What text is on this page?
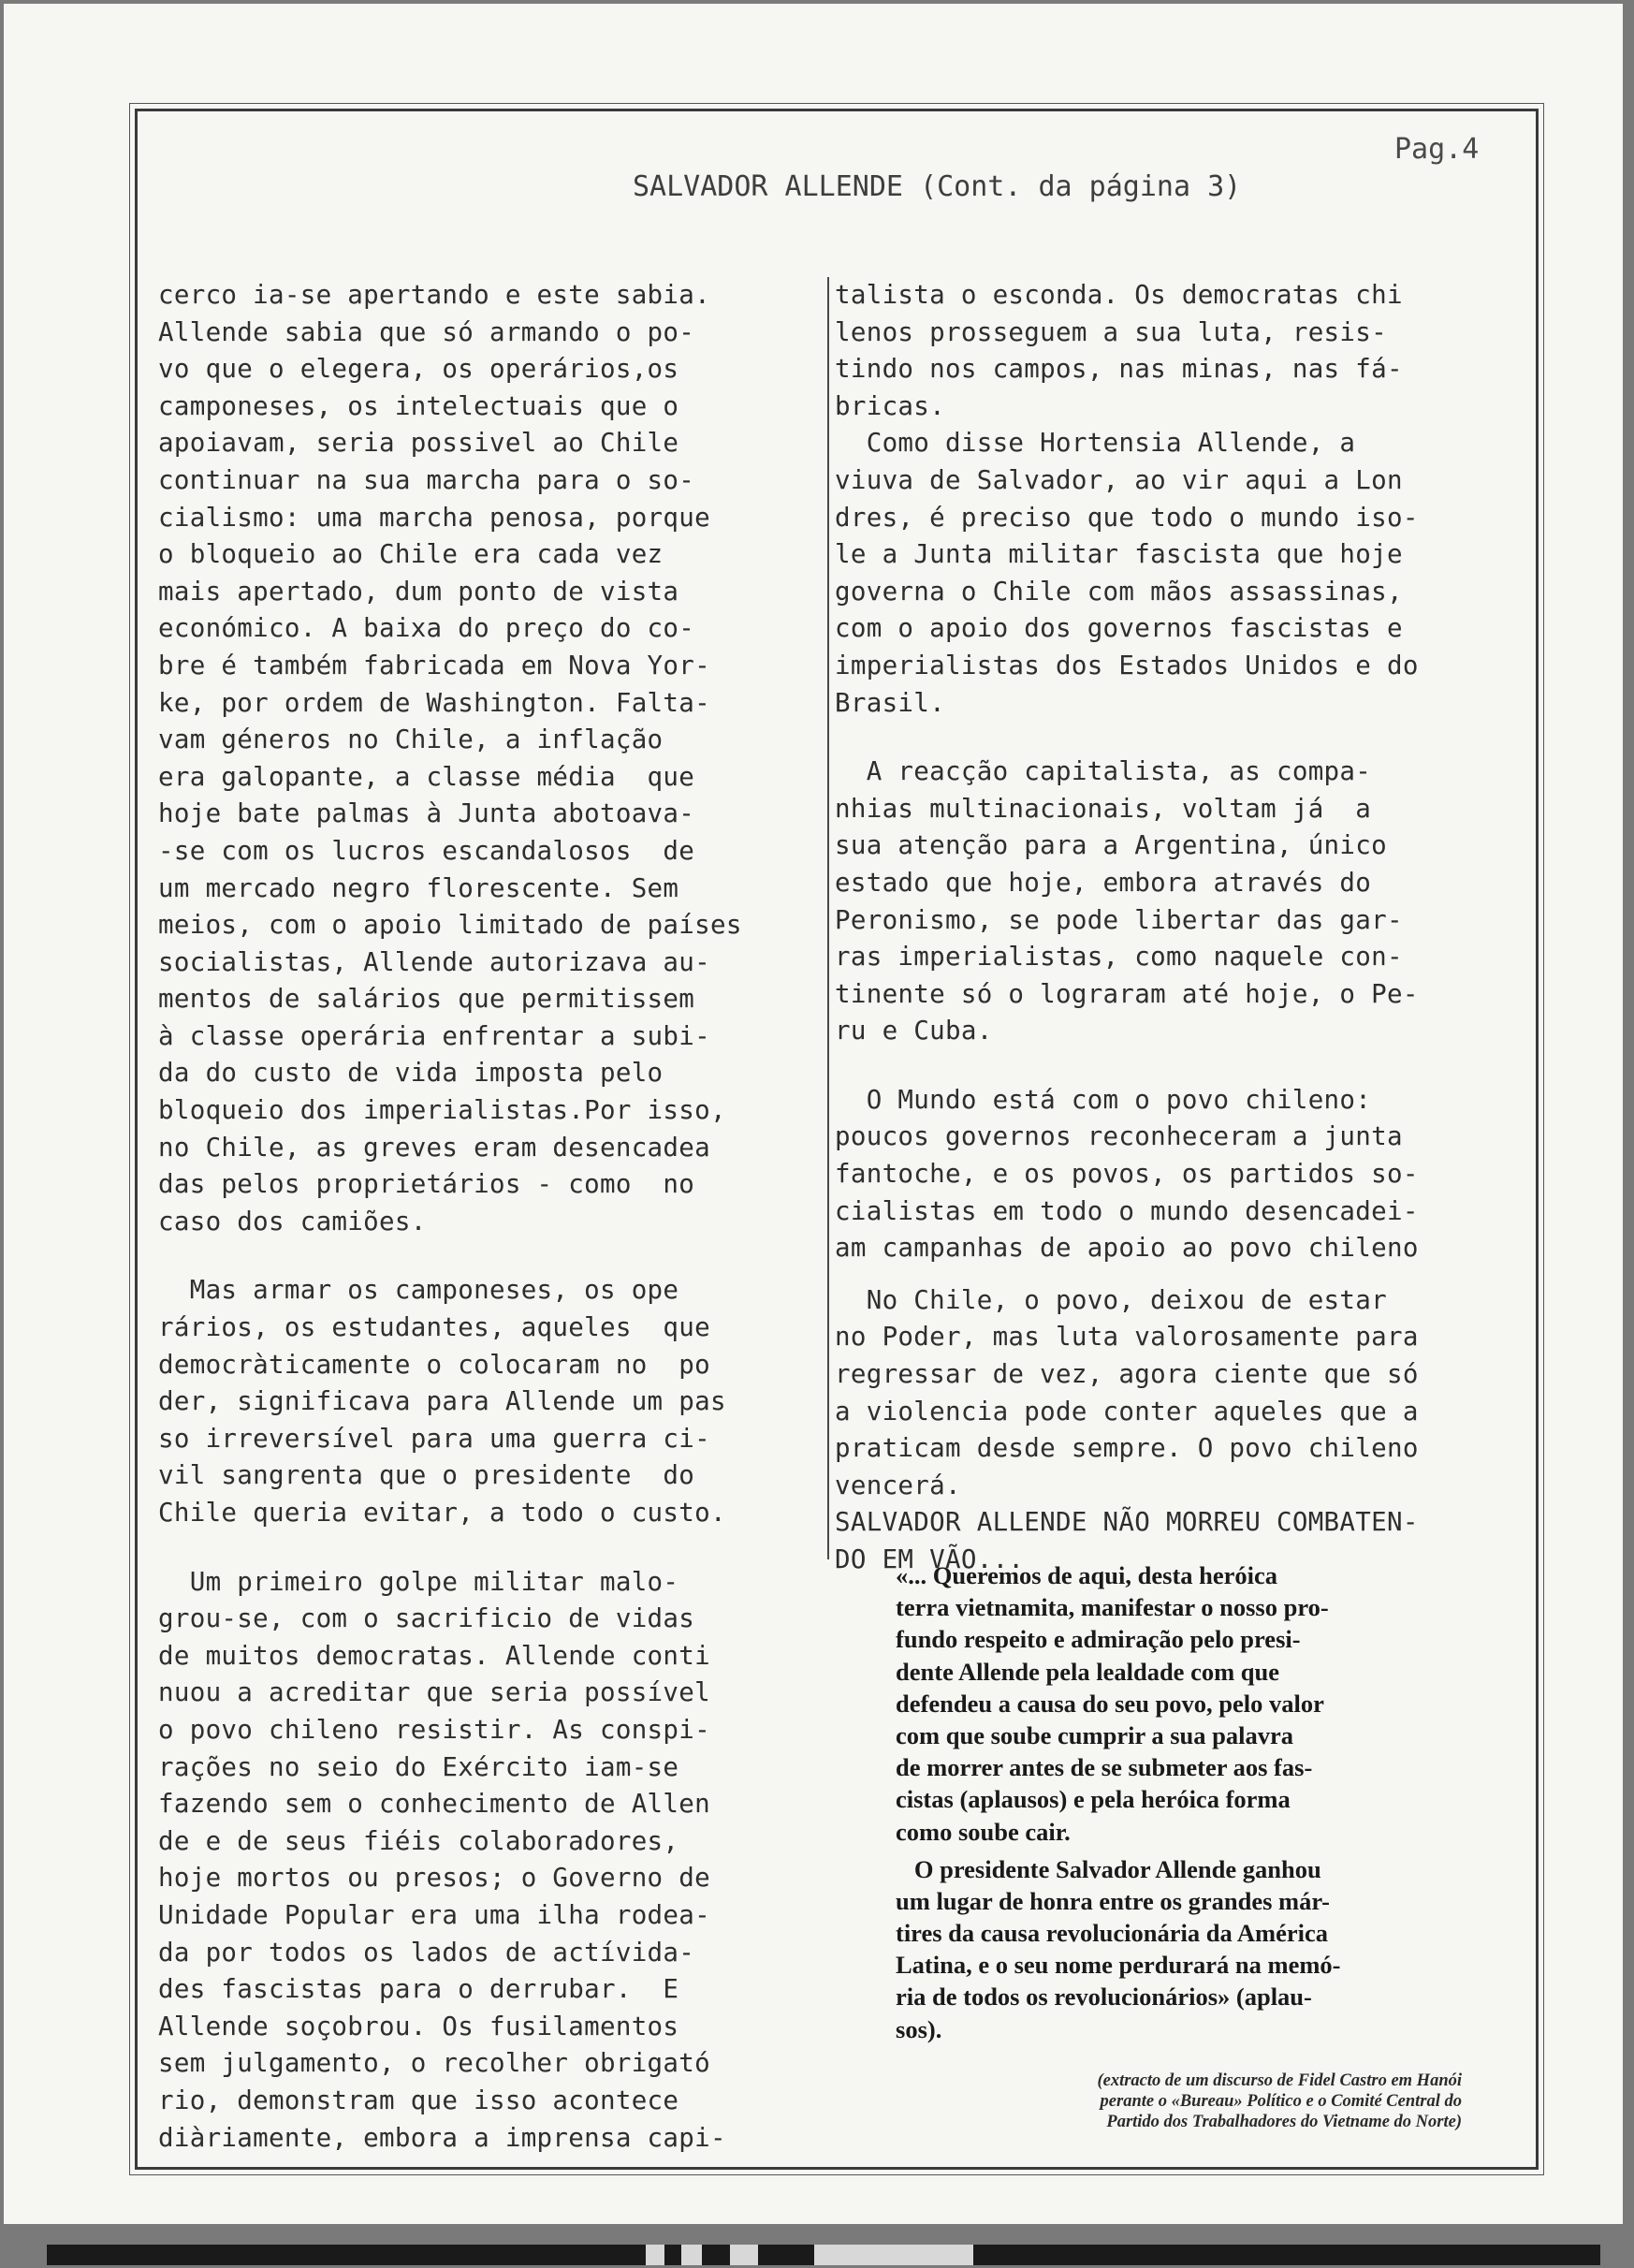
Pag.4
SALVADOR ALLENDE (Cont. da página 3)
cerco ia-se apertando e este sabia.
Allende sabia que só armando o po-
vo que o elegera, os operários,os
camponeses, os intelectuais que o
apoiavam, seria possivel ao Chile
continuar na sua marcha para o so-
cialismo: uma marcha penosa, porque
o bloqueio ao Chile era cada vez
mais apertado, dum ponto de vista
económico. A baixa do preço do co-
bre é também fabricada em Nova Yor-
ke, por ordem de Washington. Falta-
vam géneros no Chile, a inflação
era galopante, a classe média  que
hoje bate palmas à Junta abotoava-
-se com os lucros escandalosos  de
um mercado negro florescente. Sem
meios, com o apoio limitado de países
socialistas, Allende autorizava au-
mentos de salários que permitissem
à classe operária enfrentar a subi-
da do custo de vida imposta pelo
bloqueio dos imperialistas.Por isso,
no Chile, as greves eram desencadea
das pelos proprietários - como  no
caso dos camiões.
Mas armar os camponeses, os ope
rários, os estudantes, aqueles  que
democràticamente o colocaram no  po
der, significava para Allende um pas
so irreversível para uma guerra ci-
vil sangrenta que o presidente  do
Chile queria evitar, a todo o custo.
Um primeiro golpe militar malo-
grou-se, com o sacrificio de vidas
de muitos democratas. Allende conti
nuou a acreditar que seria possível
o povo chileno resistir. As conspi-
rações no seio do Exército iam-se
fazendo sem o conhecimento de Allen
de e de seus fiéis colaboradores,
hoje mortos ou presos; o Governo de
Unidade Popular era uma ilha rodea-
da por todos os lados de actívida-
des fascistas para o derrubar.  E
Allende soçobrou. Os fusilamentos
sem julgamento, o recolher obrigató
rio, demonstram que isso acontece
diàriamente, embora a imprensa capi-
talista o esconda. Os democratas chi
lenos prosseguem a sua luta, resis-
tindo nos campos, nas minas, nas fá-
bricas.
Como disse Hortensia Allende, a
viuva de Salvador, ao vir aqui a Lon
dres, é preciso que todo o mundo iso-
le a Junta militar fascista que hoje
governa o Chile com mãos assassinas,
com o apoio dos governos fascistas e
imperialistas dos Estados Unidos e do
Brasil.
A reacção capitalista, as compa-
nhias multinacionais, voltam já  a
sua atenção para a Argentina, único
estado que hoje, embora através do
Peronismo, se pode libertar das gar-
ras imperialistas, como naquele con-
tinente só o lograram até hoje, o Pe-
ru e Cuba.
O Mundo está com o povo chileno:
poucos governos reconheceram a junta
fantoche, e os povos, os partidos so-
cialistas em todo o mundo desencadei-
am campanhas de apoio ao povo chileno
No Chile, o povo, deixou de estar
no Poder, mas luta valorosamente para
regressar de vez, agora ciente que só
a violencia pode conter aqueles que a
praticam desde sempre. O povo chileno
vencerá.
SALVADOR ALLENDE NÃO MORREU COMBATEN-
DO EM VÃO...
«... Queremos de aqui, desta heróica
terra vietnamita, manifestar o nosso pro-
fundo respeito e admiração pelo presi-
dente Allende pela lealdade com que
defendeu a causa do seu povo, pelo valor
com que soube cumprir a sua palavra
de morrer antes de se submeter aos fas-
cistas (aplausos) e pela heróica forma
como soube cair.
O presidente Salvador Allende ganhou
um lugar de honra entre os grandes már-
tires da causa revolucionária da América
Latina, e o seu nome perdurará na memó-
ria de todos os revolucionários» (aplau-
sos).
(extracto de um discurso de Fidel Castro em Hanói
perante o «Bureau» Político e o Comité Central do
Partido dos Trabalhadores do Vietname do Norte)
